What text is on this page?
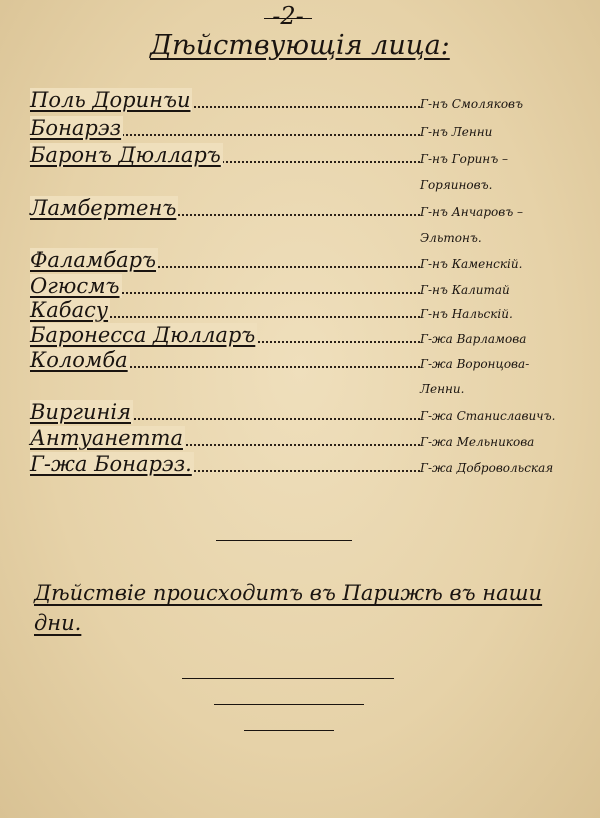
-2-
Дѣйствующія лица:
Поль Доринъи	Г-нъ Смоляковъ
Бонарэз	Г-нъ Ленни
Баронъ Дюлларъ	Г-нъ Горинъ –
Горяиновъ.
Ламбертенъ	Г-нъ Анчаровъ –
Эльтонъ.
Фаламбаръ	Г-нъ Каменскій.
Огюсмъ	Г-нъ Калитай
Кабасу	Г-нъ Нальскій.
Баронесса Дюлларъ	Г-жа Варламова
Коломба	Г-жа Воронцова-
Ленни.
Виргинія	Г-жа Станиславичъ.
Антуанетта	Г-жа Мельникова
Г-жа Бонарэз.	Г-жа Добровольская
Дѣйствіе происходитъ въ Парижѣ въ наши
дни.
